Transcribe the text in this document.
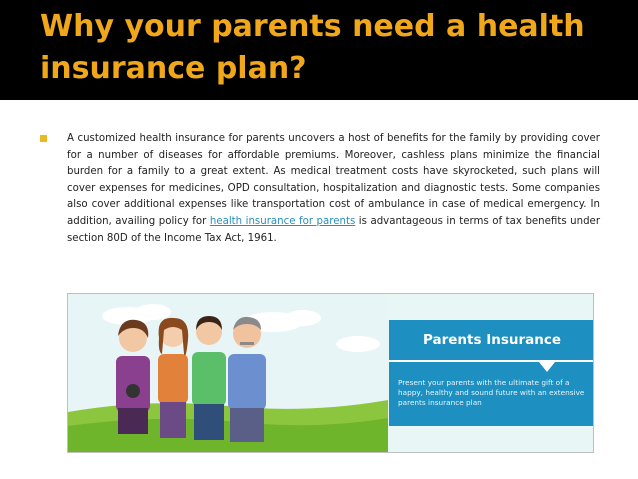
Why your parents need a health insurance plan?

A customized health insurance for parents uncovers a host of benefits for the family by providing cover for a number of diseases for affordable premiums. Moreover, cashless plans minimize the financial burden for a family to a great extent. As medical treatment costs have skyrocketed, such plans will cover expenses for medicines, OPD consultation, hospitalization and diagnostic tests. Some companies also cover additional expenses like transportation cost of ambulance in case of medical emergency. In addition, availing policy for health insurance for parents is advantageous in terms of tax benefits under section 80D of the Income Tax Act, 1961.

Parents Insurance
Present your parents with the ultimate gift of a happy, healthy and sound future with an extensive parents insurance plan
